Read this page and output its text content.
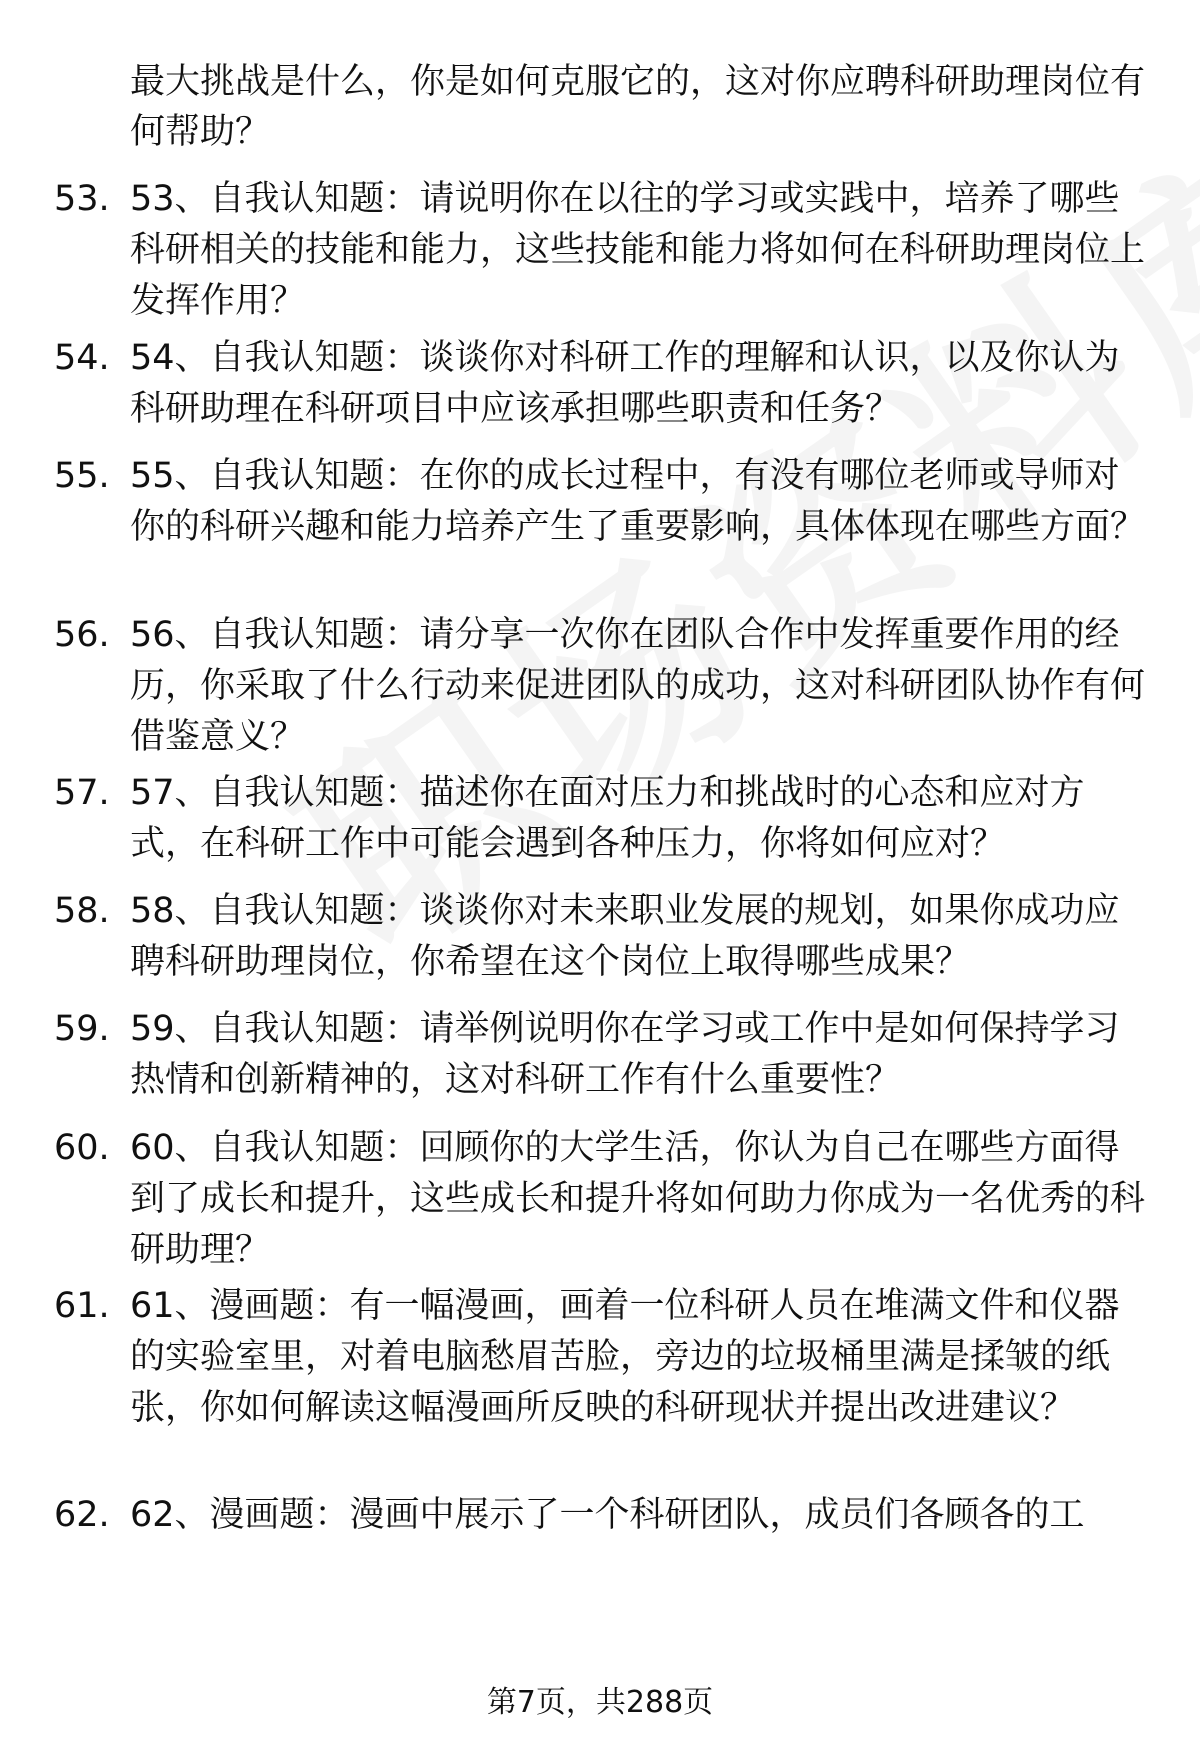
最大挑战是什么，你是如何克服它的，这对你应聘科研助理岗位有何帮助？
53. 53、自我认知题：请说明你在以往的学习或实践中，培养了哪些科研相关的技能和能力，这些技能和能力将如何在科研助理岗位上发挥作用？
54. 54、自我认知题：谈谈你对科研工作的理解和认识，以及你认为科研助理在科研项目中应该承担哪些职责和任务？
55. 55、自我认知题：在你的成长过程中，有没有哪位老师或导师对你的科研兴趣和能力培养产生了重要影响，具体体现在哪些方面？
56. 56、自我认知题：请分享一次你在团队合作中发挥重要作用的经历，你采取了什么行动来促进团队的成功，这对科研团队协作有何借鉴意义？
57. 57、自我认知题：描述你在面对压力和挑战时的心态和应对方式，在科研工作中可能会遇到各种压力，你将如何应对？
58. 58、自我认知题：谈谈你对未来职业发展的规划，如果你成功应聘科研助理岗位，你希望在这个岗位上取得哪些成果？
59. 59、自我认知题：请举例说明你在学习或工作中是如何保持学习热情和创新精神的，这对科研工作有什么重要性？
60. 60、自我认知题：回顾你的大学生活，你认为自己在哪些方面得到了成长和提升，这些成长和提升将如何助力你成为一名优秀的科研助理？
61. 61、漫画题：有一幅漫画，画着一位科研人员在堆满文件和仪器的实验室里，对着电脑愁眉苦脸，旁边的垃圾桶里满是揉皱的纸张，你如何解读这幅漫画所反映的科研现状并提出改进建议？
62. 62、漫画题：漫画中展示了一个科研团队，成员们各顾各的工
第7页，共288页
